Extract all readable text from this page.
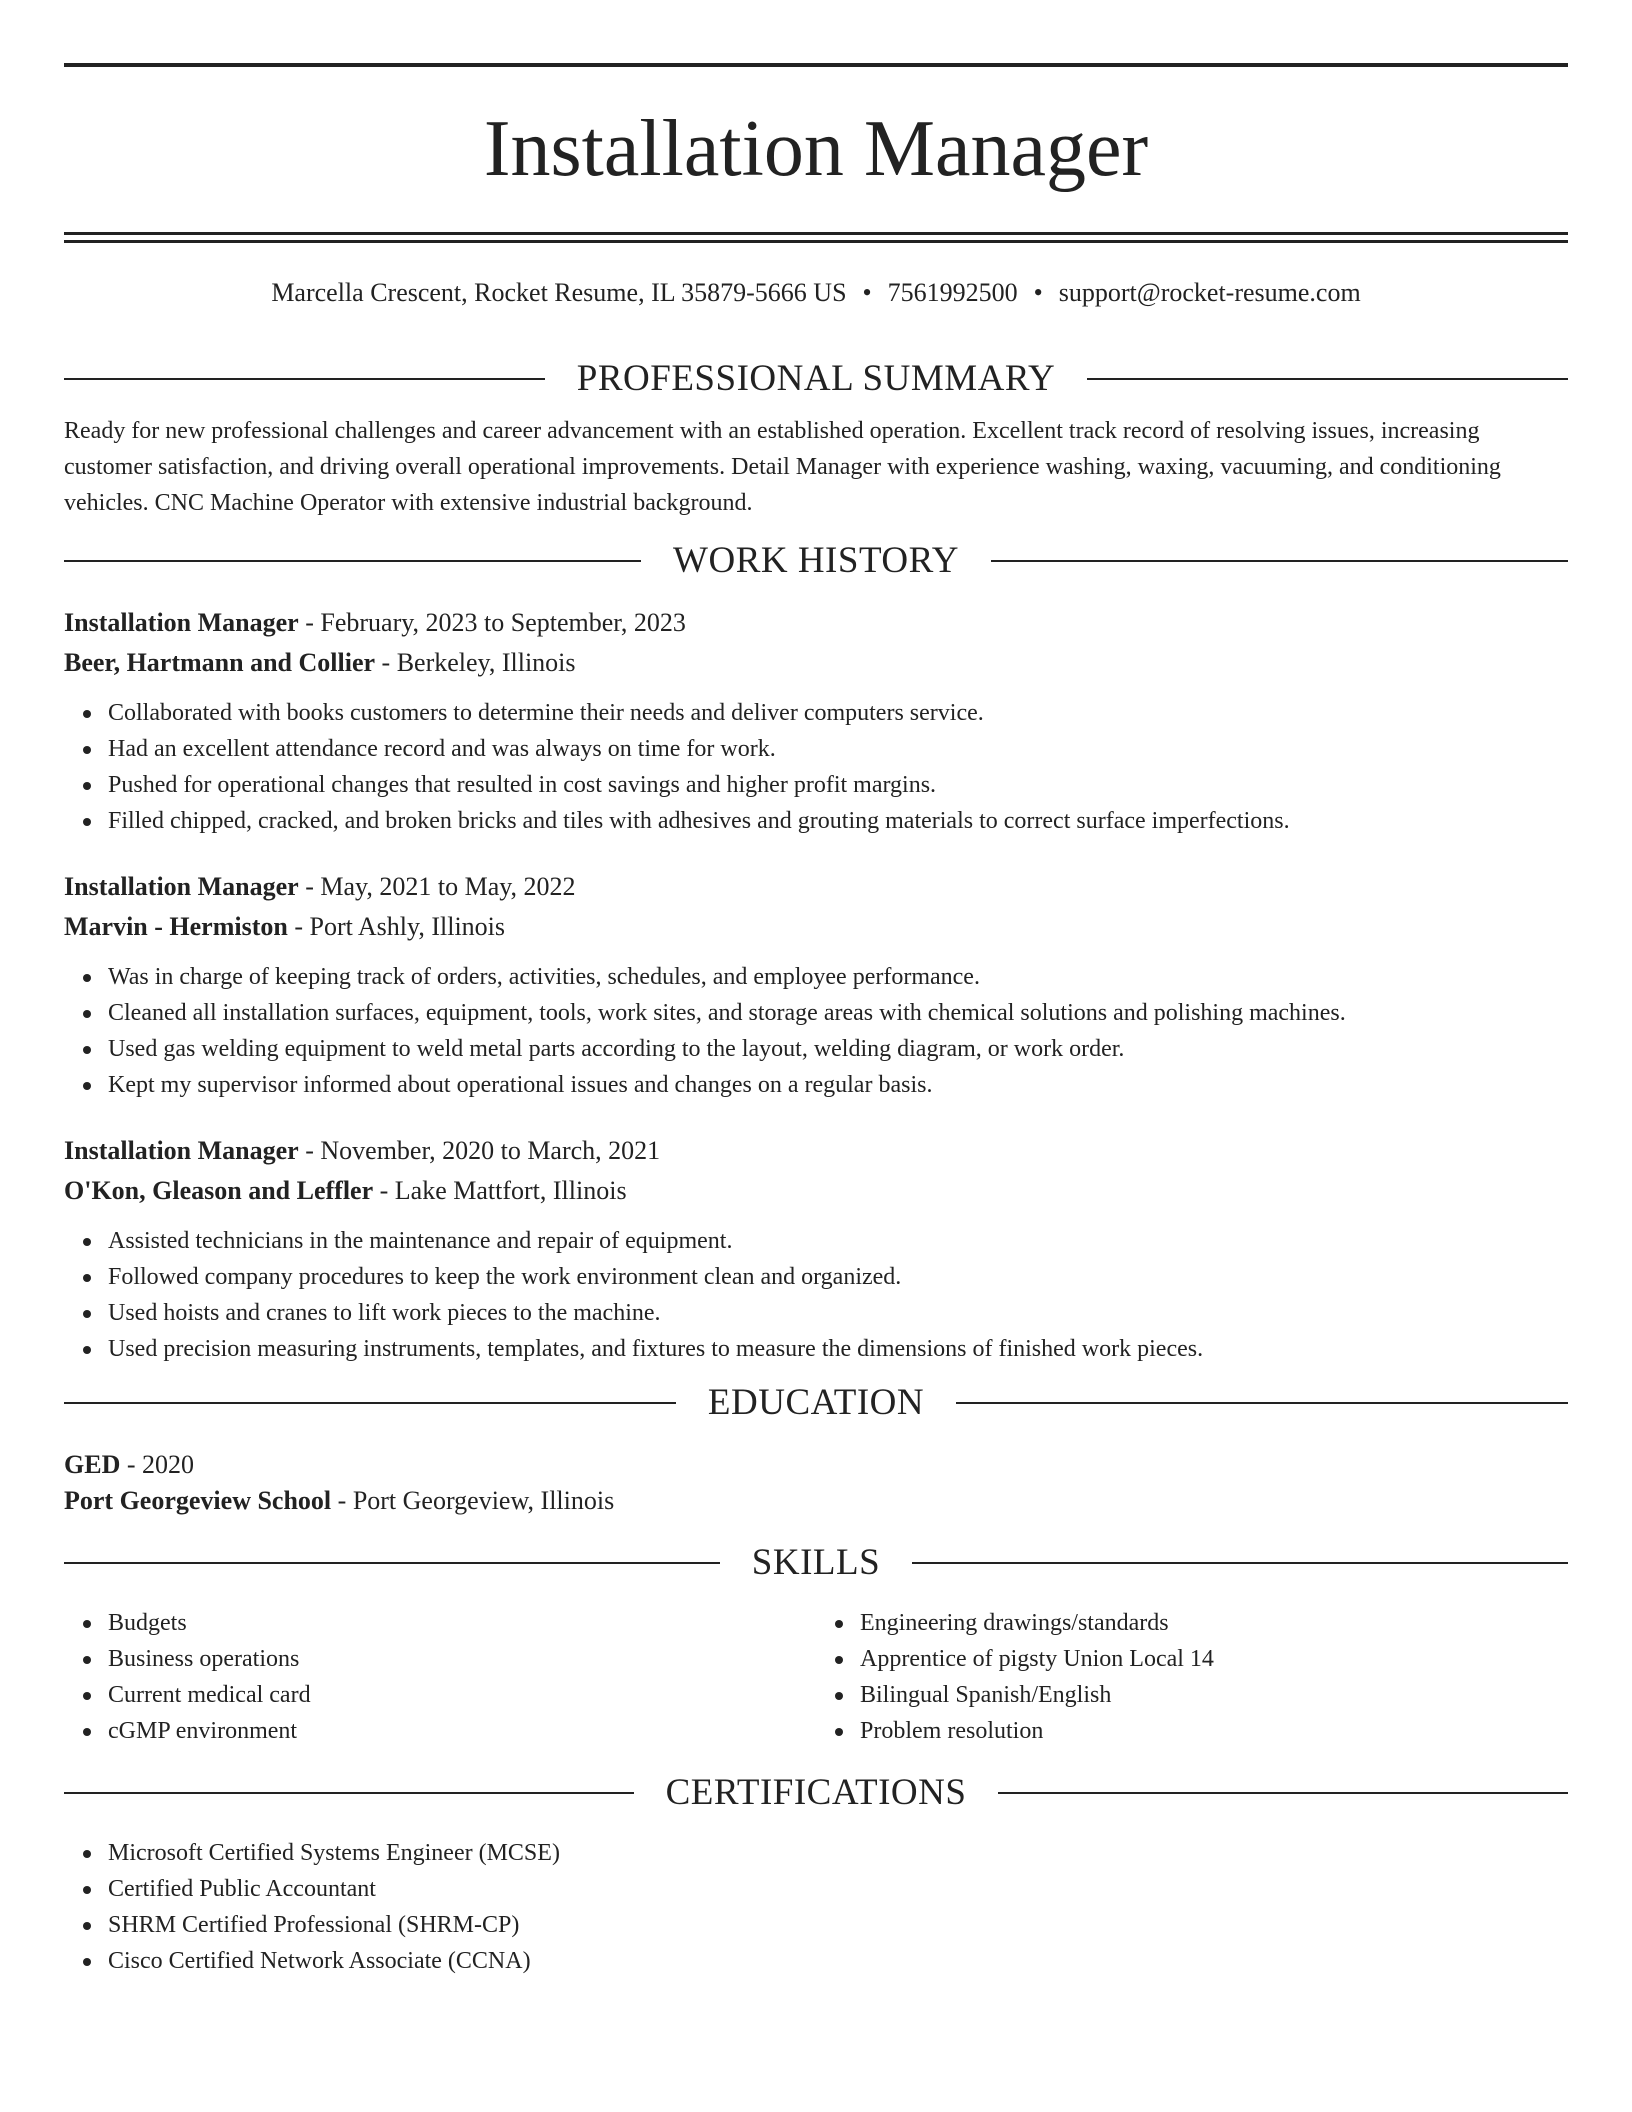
Installation Manager
Marcella Crescent, Rocket Resume, IL 35879-5666 US • 7561992500 • support@rocket-resume.com
PROFESSIONAL SUMMARY

Ready for new professional challenges and career advancement with an established operation. Excellent track record of resolving issues, increasing customer satisfaction, and driving overall operational improvements. Detail Manager with experience washing, waxing, vacuuming, and conditioning vehicles. CNC Machine Operator with extensive industrial background.

WORK HISTORY

Installation Manager - February, 2023 to September, 2023

Beer, Hartmann and Collier - Berkeley, Illinois

Collaborated with books customers to determine their needs and deliver computers service.
Had an excellent attendance record and was always on time for work.
Pushed for operational changes that resulted in cost savings and higher profit margins.
Filled chipped, cracked, and broken bricks and tiles with adhesives and grouting materials to correct surface imperfections.

Installation Manager - May, 2021 to May, 2022

Marvin - Hermiston - Port Ashly, Illinois

Was in charge of keeping track of orders, activities, schedules, and employee performance.
Cleaned all installation surfaces, equipment, tools, work sites, and storage areas with chemical solutions and polishing machines.
Used gas welding equipment to weld metal parts according to the layout, welding diagram, or work order.
Kept my supervisor informed about operational issues and changes on a regular basis.

Installation Manager - November, 2020 to March, 2021

O'Kon, Gleason and Leffler - Lake Mattfort, Illinois

Assisted technicians in the maintenance and repair of equipment.
Followed company procedures to keep the work environment clean and organized.
Used hoists and cranes to lift work pieces to the machine.
Used precision measuring instruments, templates, and fixtures to measure the dimensions of finished work pieces.
EDUCATION

GED - 2020

Port Georgeview School - Port Georgeview, Illinois

SKILLS
Budgets
Business operations
Current medical card
cGMP environment
Engineering drawings/standards
Apprentice of pigsty Union Local 14
Bilingual Spanish/English
Problem resolution
CERTIFICATIONS
Microsoft Certified Systems Engineer (MCSE)
Certified Public Accountant
SHRM Certified Professional (SHRM-CP)
Cisco Certified Network Associate (CCNA)
